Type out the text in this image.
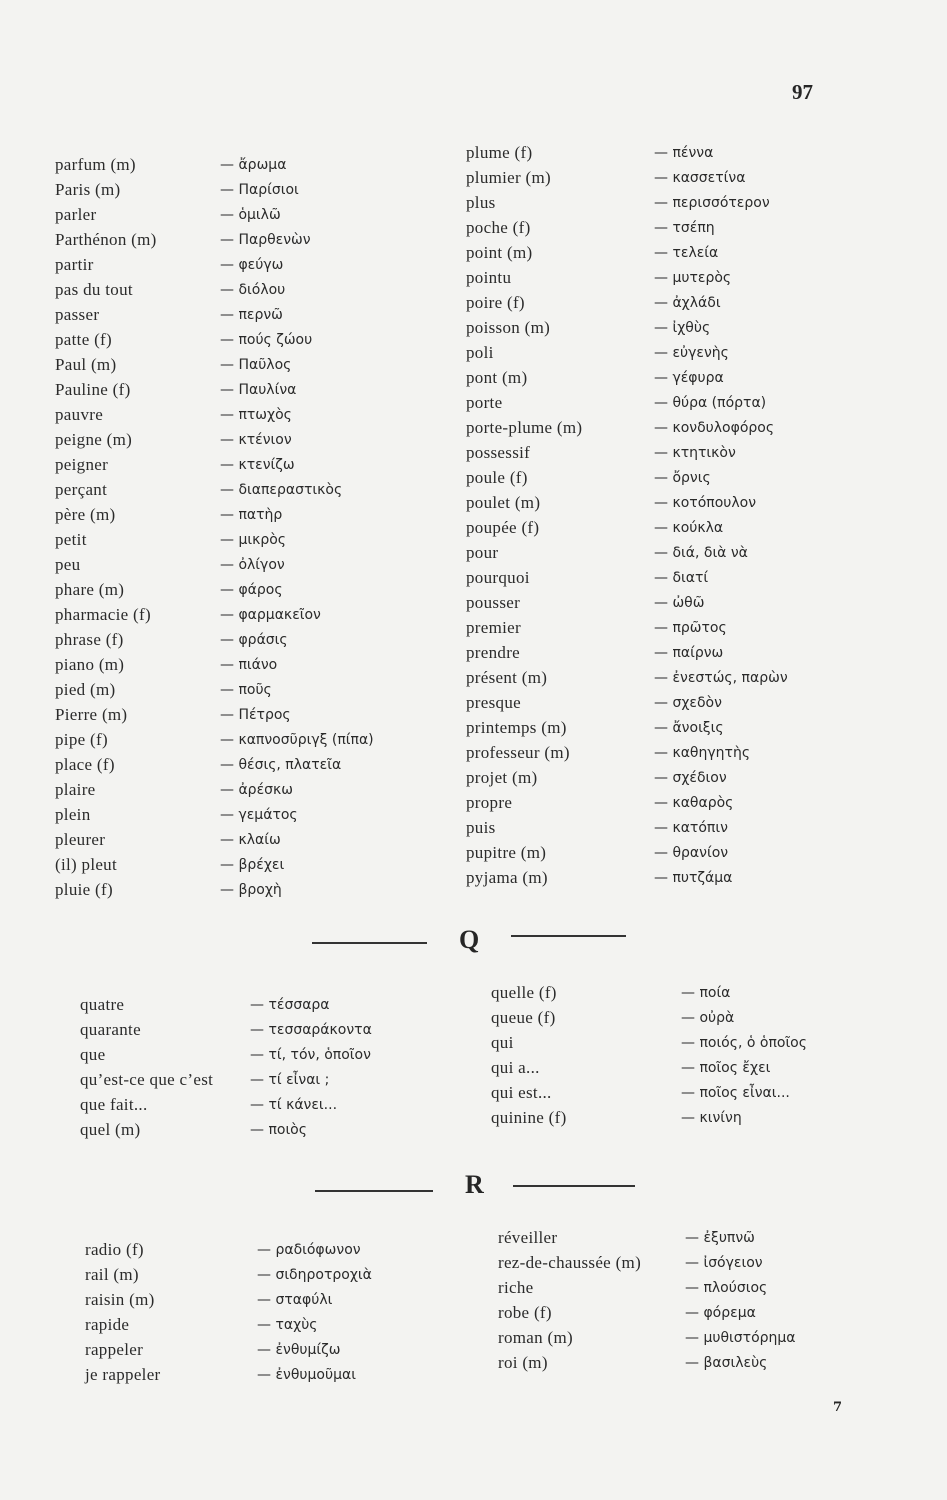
97
parfum (m)	— ἄρωμα
Paris (m)	— Παρίσιοι
parler	— ὁμιλῶ
Parthénon (m)	— Παρθενὼν
partir	— φεύγω
pas du tout	— διόλου
passer	— περνῶ
patte (f)	— πούς ζώου
Paul (m)	— Παῦλος
Pauline (f)	— Παυλίνα
pauvre	— πτωχὸς
peigne (m)	— κτένιον
peigner	— κτενίζω
perçant	— διαπεραστικὸς
père (m)	— πατὴρ
petit	— μικρὸς
peu	— ὀλίγον
phare (m)	— φάρος
pharmacie (f)	— φαρμακεῖον
phrase (f)	— φράσις
piano (m)	— πιάνο
pied (m)	— ποῦς
Pierre (m)	— Πέτρος
pipe (f)	— καπνοσῦριγξ (πίπα)
place (f)	— θέσις, πλατεῖα
plaire	— ἀρέσκω
plein	— γεμάτος
pleurer	— κλαίω
(il) pleut	— βρέχει
pluie (f)	— βροχὴ
plume (f)	— πέννα
plumier (m)	— κασσετίνα
plus	— περισσότερον
poche (f)	— τσέπη
point (m)	— τελεία
pointu	— μυτερὸς
poire (f)	— ἀχλάδι
poisson (m)	— ἰχθὺς
poli	— εὐγενὴς
pont (m)	— γέφυρα
porte	— θύρα (πόρτα)
porte-plume (m)	— κονδυλοφόρος
possessif	— κτητικὸν
poule (f)	— ὄρνις
poulet (m)	— κοτόπουλον
poupée (f)	— κούκλα
pour	— διά, διὰ νὰ
pourquoi	— διατί
pousser	— ὠθῶ
premier	— πρῶτος
prendre	— παίρνω
présent (m)	— ἐνεστώς, παρὼν
presque	— σχεδὸν
printemps (m)	— ἄνοιξις
professeur (m)	— καθηγητὴς
projet (m)	— σχέδιον
propre	— καθαρὸς
puis	— κατόπιν
pupitre (m)	— θρανίον
pyjama (m)	— πυτζάμα
Q
quatre	— τέσσαρα
quarante	— τεσσαράκοντα
que	— τί, τόν, ὁποῖον
qu’est-ce que c’est	— τί εἶναι ;
que fait...	— τί κάνει...
quel (m)	— ποιὸς
quelle (f)	— ποία
queue (f)	— οὐρὰ
qui	— ποιός, ὁ ὁποῖος
qui a...	— ποῖος ἔχει
qui est...	— ποῖος εἶναι...
quinine (f)	— κινίνη
R
radio (f)	— ραδιόφωνον
rail (m)	— σιδηροτροχιὰ
raisin (m)	— σταφύλι
rapide	— ταχὺς
rappeler	— ἐνθυμίζω
je rappeler	— ἐνθυμοῦμαι
réveiller	— ἐξυπνῶ
rez-de-chaussée (m)	— ἰσόγειον
riche	— πλούσιος
robe (f)	— φόρεμα
roman (m)	— μυθιστόρημα
roi (m)	— βασιλεὺς
7
